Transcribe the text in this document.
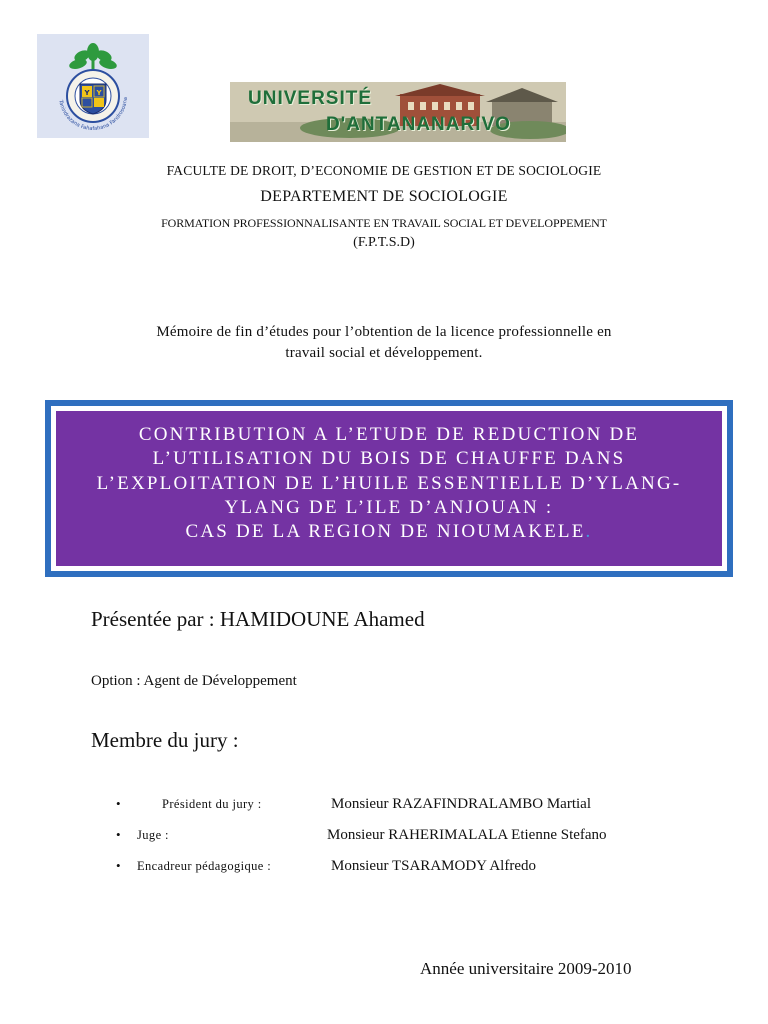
Y Y
Tanindrazana Fahafahana Fandrosoana	UNIVERSITÉ
D'ANTANANARIVO
FACULTE DE DROIT, D’ECONOMIE DE GESTION ET DE SOCIOLOGIE
DEPARTEMENT DE SOCIOLOGIE
FORMATION PROFESSIONNALISANTE EN TRAVAIL SOCIAL ET DEVELOPPEMENT
(F.P.T.S.D)
Mémoire de fin d’études pour l’obtention de la licence professionnelle en
travail social et développement.
CONTRIBUTION A L’ETUDE DE REDUCTION DE
L’UTILISATION DU BOIS DE CHAUFFE DANS
L’EXPLOITATION DE L’HUILE ESSENTIELLE D’YLANG-
YLANG DE L’ILE D’ANJOUAN :
CAS DE LA REGION DE NIOUMAKELE.
Présentée par : HAMIDOUNE Ahamed
Option : Agent de Développement
Membre du jury :
•	Président du jury :	Monsieur RAZAFINDRALAMBO Martial
• Juge :	Monsieur RAHERIMALALA Etienne Stefano
• Encadreur pédagogique :	Monsieur TSARAMODY Alfredo
Année universitaire 2009-2010
